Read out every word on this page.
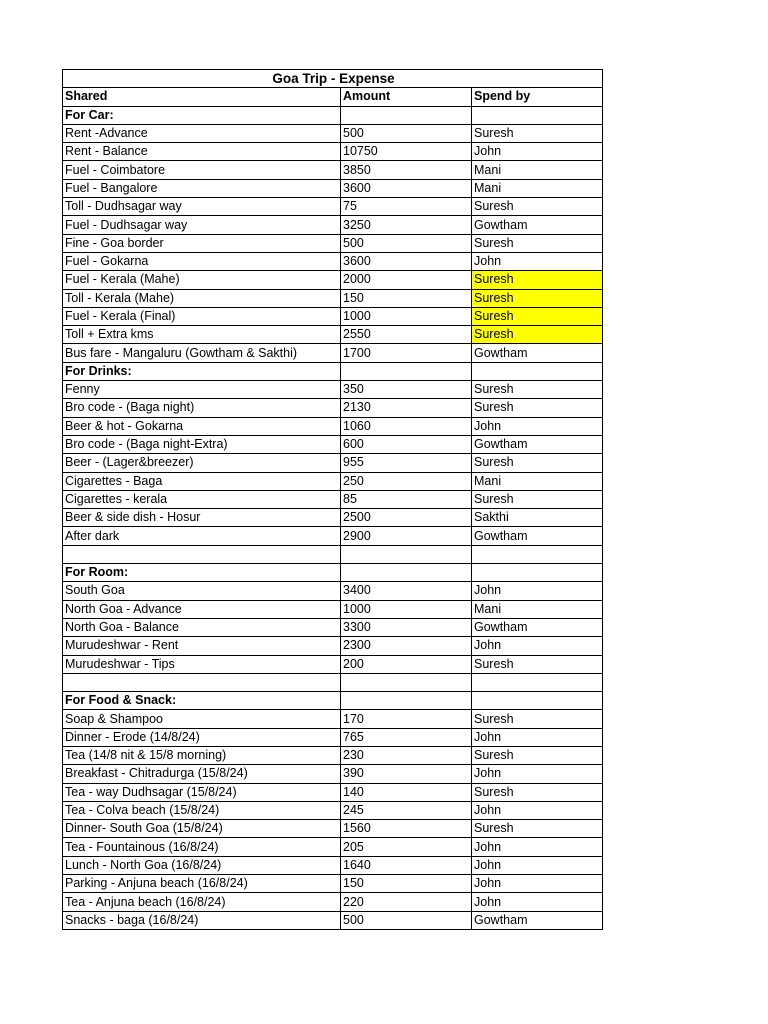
Goa Trip - Expense		
Shared	Amount	Spend by
For Car:		
Rent -Advance	500	Suresh
Rent - Balance	10750	John
Fuel - Coimbatore	3850	Mani
Fuel - Bangalore	3600	Mani
Toll - Dudhsagar way	75	Suresh
Fuel - Dudhsagar way	3250	Gowtham
Fine - Goa border	500	Suresh
Fuel - Gokarna	3600	John
Fuel - Kerala (Mahe)	2000	Suresh
Toll - Kerala (Mahe)	150	Suresh
Fuel - Kerala (Final)	1000	Suresh
Toll + Extra kms	2550	Suresh
Bus fare - Mangaluru (Gowtham & Sakthi)	1700	Gowtham
For Drinks:		
Fenny	350	Suresh
Bro code - (Baga night)	2130	Suresh
Beer & hot - Gokarna	1060	John
Bro code - (Baga night-Extra)	600	Gowtham
Beer - (Lager&breezer)	955	Suresh
Cigarettes - Baga	250	Mani
Cigarettes - kerala	85	Suresh
Beer & side dish - Hosur	2500	Sakthi
After dark	2900	Gowtham

For Room:		
South Goa	3400	John
North Goa - Advance	1000	Mani
North Goa - Balance	3300	Gowtham
Murudeshwar - Rent	2300	John
Murudeshwar - Tips	200	Suresh

For Food & Snack:		
Soap & Shampoo	170	Suresh
Dinner - Erode (14/8/24)	765	John
Tea (14/8 nit & 15/8 morning)	230	Suresh
Breakfast - Chitradurga (15/8/24)	390	John
Tea - way Dudhsagar (15/8/24)	140	Suresh
Tea - Colva beach (15/8/24)	245	John
Dinner- South Goa (15/8/24)	1560	Suresh
Tea - Fountainous (16/8/24)	205	John
Lunch - North Goa (16/8/24)	1640	John
Parking - Anjuna beach (16/8/24)	150	John
Tea - Anjuna beach (16/8/24)	220	John
Snacks - baga (16/8/24)	500	Gowtham
